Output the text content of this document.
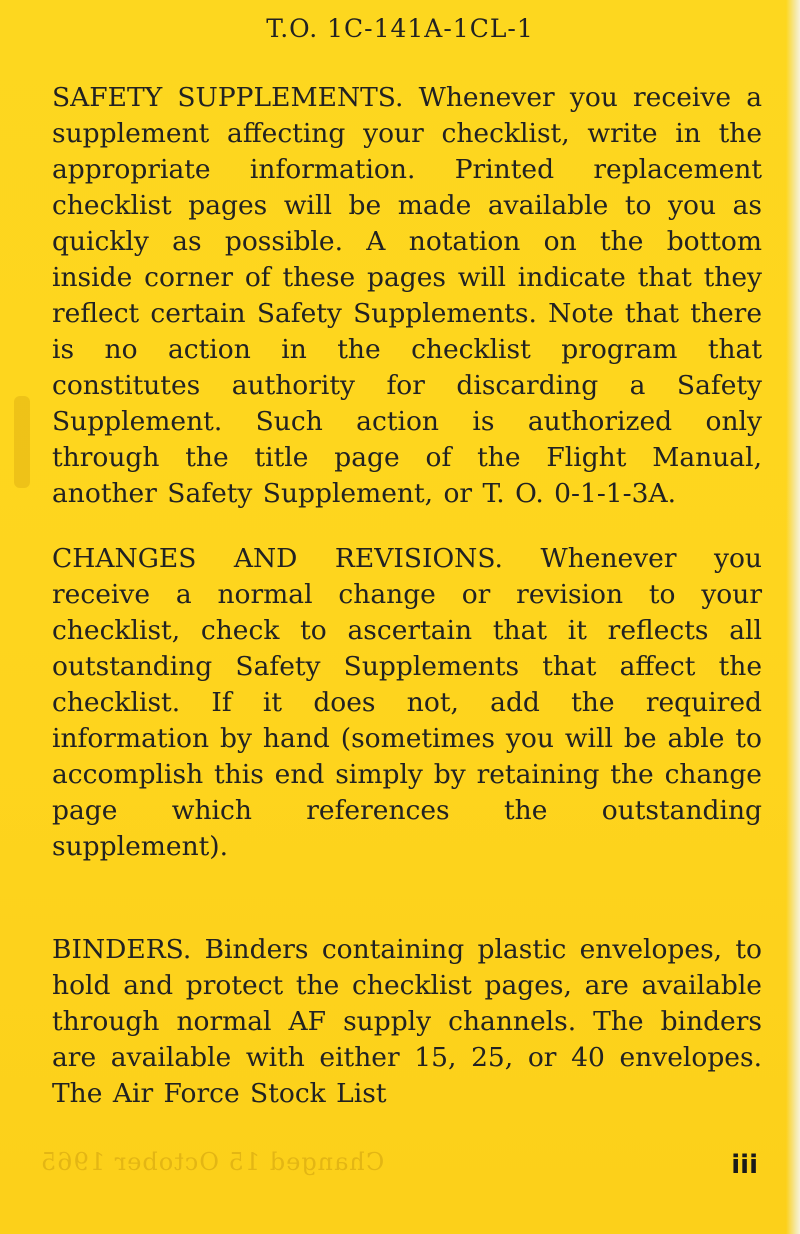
T.O. 1C-141A-1CL-1

SAFETY SUPPLEMENTS. Whenever you receive a supplement affecting your checklist, write in the appropriate information. Printed replacement checklist pages will be made available to you as quickly as possible. A notation on the bottom inside corner of these pages will indicate that they reflect certain Safety Supplements. Note that there is no action in the checklist program that constitutes authority for discarding a Safety Supplement. Such action is authorized only through the title page of the Flight Manual, another Safety Supplement, or T. O. 0-1-1-3A.

CHANGES AND REVISIONS. Whenever you receive a normal change or revision to your checklist, check to ascertain that it reflects all outstanding Safety Supplements that affect the checklist. If it does not, add the required information by hand (sometimes you will be able to accomplish this end simply by retaining the change page which references the outstanding supplement).

BINDERS. Binders containing plastic envelopes, to hold and protect the checklist pages, are available through normal AF supply channels. The binders are available with either 15, 25, or 40 envelopes. The Air Force Stock List

Changed 15 October 1965	iii
